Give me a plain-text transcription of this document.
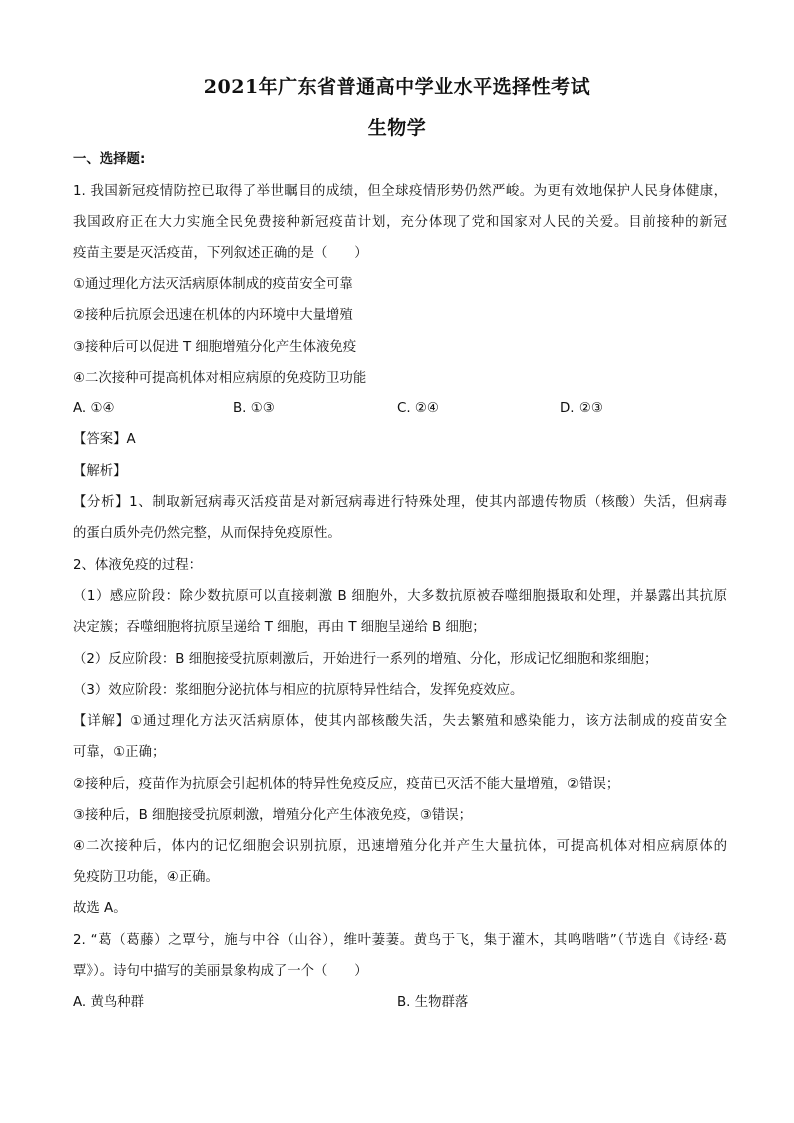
2021年广东省普通高中学业水平选择性考试
生物学
一、选择题:
1. 我国新冠疫情防控已取得了举世瞩目的成绩，但全球疫情形势仍然严峻。为更有效地保护人民身体健康，
我国政府正在大力实施全民免费接种新冠疫苗计划，充分体现了党和国家对人民的关爱。目前接种的新冠
疫苗主要是灭活疫苗，下列叙述正确的是（　　）
①通过理化方法灭活病原体制成的疫苗安全可靠
②接种后抗原会迅速在机体的内环境中大量增殖
③接种后可以促进 T 细胞增殖分化产生体液免疫
④二次接种可提高机体对相应病原的免疫防卫功能
A. ①④	B. ①③	C. ②④	D. ②③
【答案】A
【解析】
【分析】1、制取新冠病毒灭活疫苗是对新冠病毒进行特殊处理，使其内部遗传物质（核酸）失活，但病毒
的蛋白质外壳仍然完整，从而保持免疫原性。
2、体液免疫的过程：
（1）感应阶段：除少数抗原可以直接刺激 B 细胞外，大多数抗原被吞噬细胞摄取和处理，并暴露出其抗原
决定簇；吞噬细胞将抗原呈递给 T 细胞，再由 T 细胞呈递给 B 细胞；
（2）反应阶段：B 细胞接受抗原刺激后，开始进行一系列的增殖、分化，形成记忆细胞和浆细胞；
（3）效应阶段：浆细胞分泌抗体与相应的抗原特异性结合，发挥免疫效应。
【详解】①通过理化方法灭活病原体，使其内部核酸失活，失去繁殖和感染能力，该方法制成的疫苗安全
可靠，①正确；
②接种后，疫苗作为抗原会引起机体的特异性免疫反应，疫苗已灭活不能大量增殖，②错误；
③接种后，B 细胞接受抗原刺激，增殖分化产生体液免疫，③错误；
④二次接种后，体内的记忆细胞会识别抗原，迅速增殖分化并产生大量抗体，可提高机体对相应病原体的
免疫防卫功能，④正确。
故选 A。
2. “葛（葛藤）之覃兮，施与中谷（山谷），维叶萋萋。黄鸟于飞，集于灌木，其鸣喈喈”（节选自《诗经·葛
覃》）。诗句中描写的美丽景象构成了一个（　　）
A. 黄鸟种群	B. 生物群落
